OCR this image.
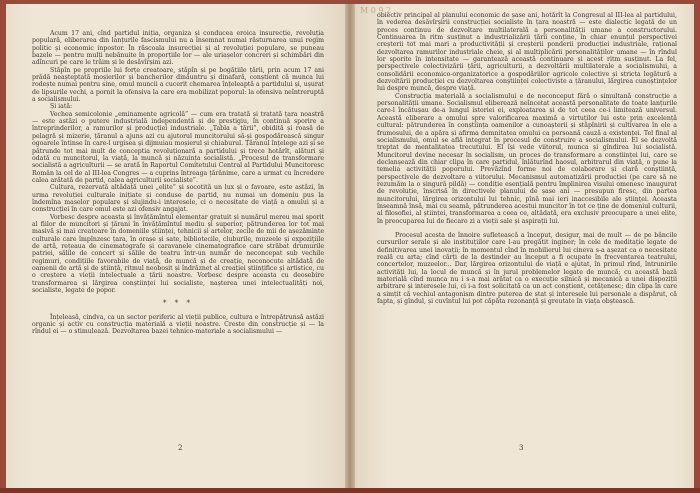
Acum 17 ani, cînd partidul iniția, organiza și conducea eroica insurecție, revoluția populară, eliberarea din lanțurile fascismului nu a însemnat numai răsturnarea unui regim politic și economic inpostor. În răscoala insurecției și al revoluției populare, se puneau bazele — pentru mulți nebănuite în proporțiile lor — ale uriașelor concreri și schimbări din adîncuri pe care le trăim și le desăvîrșim azi.

Stăpîn pe propriile lui forțe creatoare, stăpîn și pe bogățiile țării, prin acum 17 ani prădă neașteptată moșierilor și bancherilor dinăuntru și dinafară, conștient că munca lui rodește numai pentru sine, omul muncii a cucerit chemarea înțeleaptă a partidului și, ușurat de lipsurile vechi, a pornit la ofensiva la care era mobilizat poporul: la ofensiva neîntreruptă a socialismului.

Și iată:

Vechea semicolonie „eminamente agricolă” — cum era tratată și tratată țara noastră — este astăzi o putere industrială independentă și de prestigiu, în continuă sporire a întreprinderilor, a ramurilor și producției industriale. „Tabla a țării”, obidită și roasă de pelagră și mizerie, țăranul a ajuns azi cu ajutorul muncitorului să-și gospodărească singur ogoarele întinse în care-l urgisea și dijmuiau moșierul și chiaburul. Țăranul înțelege azi și se pătrunde tot mai mult de conceptia revoluționară a partidului și trece hotărît, alături și odată cu muncitorul, la viață, la muncă și năzuința socialistă. „Procesul de transformare socialistă a agriculturii — se arată în Raportul Comitetului Central al Partidului Muncitoresc Român la cel de al III-lea Congres — a cuprins întreaga țărănime, care a urmat cu încredere calea arătată de partid, calea agriculturii socialiste”.

Cultura, rezervată altădată unei „elite” și socotită un lux și o favoare, este astăzi, în urma revoluției culturale inițiate și conduse de partid, nu numai un domeniu pus la îndemîna maselor populare și slujindu-i interesele, ci o necesitate de viață a omului și a construcției în care omul este azi ofensiv angajat.

Vorbesc despre aceasta și învățămîntul elementar gratuit și numărul mereu mai sporit al fiilor de muncitori și țărani în învățămîntul mediu și superior, pătrunderea lor tot mai masivă și mai creatoare în domeniile științei, tehnicii și artelor, zecile de mii de așezăminte culturale care împînzesc țara, în orașe și sate, bibliotecile, cluburile, muzeele și expozițiile de artă, rețeaua de cinematografe și caravanele cinematografice care străbat drumurile patriei, sălile de concert și sălile de teatru într-un număr de neconcepat sub vechile regimuri, condițiile favorabile de viață, de muncă și de creație, neconocute altădată de oamenii de artă și de știință, ritmul neobosit și îndrăznet al creației științifice și artistice, cu o creștere a vieții intelectuale a țării noastre. Vorbesc despre aceasta cu deosebire transformarea și lărgirea conștiinței lui socialiste, nașterea unei intelectualități noi, socialiste, legate de popor.

* * *

Înțeleasă, cindva, ca un sector periferic al vieții publice, cultura e întrepătrunsă astăzi organic și activ cu construcția materială a vieții noastre. Creste din construcție și — la rîndul ei — o stimulează. Dezvoltarea bazei tehnico-materiale a socialismului —

2

obiectiv principal al planului economic de șase ani, hotărît la Congresul al III-lea al partidului, în vederea desăvîrșirii construcției socialiste în țara noastră — este dialectic legată de un proces continuu de dezvoltare multilaterală a personalității umane a constructorului. Continuarea în ritm susținut a industrializării țării conține, în chiar enunțul perspectivei creșterii tot mai mari a productivității și creșterii ponderii producției industriale, rațional dezvoltarea ramurilor industriale cheie, și al multiplicării personalităților umane — în rîndul lor sporite în intensitate — garantează această continuare și acest ritm susținut. La fel, perspectivele colectivizării țării, agriculturii, a dezvoltării multilaterale a socialismului, a consolidării economico-organizatorice a gospodăriilor agricole colective și stricta legătură a dezvoltării producției cu dezvoltarea conștiinței colectiviste a țăranului, lărgirea cunoștințelor lui despre muncă, despre viață.

Construcția materială a socialismului e de neconceput fără o simultană construcție a personalității umane. Socialismul eliberează neîncetat această personalitate de toate lanțurile care-l încătușau de-a lungul istoriei ei, exploatarea și de tot ceea ce-i limitează universul. Această eliberare a omului spre valorificarea maximă a virtuților lui este prin excelență cultural: pătrunderea în conștiința oamenilor a cunoașterii și stăpînirii și cultivarea în ele a frumosului, de a apăra și afirma demnitatea omului ca persoană cauză a existenței. Tel final al socialismului, omul se află integrat în procesul de construire a socialismului. El se dezvoltă treptat de mentalitatea trecutului. El își vede viitorul, munca și gîndirea lui socialistă. Muncitorul devine necesar în socialism, un proces de transformare a conștiinței lui, care se declanșează din chiar clipa în care partidul, înlăturînd haosul, arbitrarul din viață, o pune la temelia activității poporului. Prevăzînd forme noi de colaborare și clară conștiință, perspectivele de dezvoltare a viitorului. Mecanismul automatizării producției (pe care să ne rezumăm la o singură pildă) — condiție esențială pentru împlinirea visului omenesc inaugurat de revoluție, înscrisă în directivele planului de șase ani — presupun firesc, din partea muncitorului, lărgirea orizontului lui tehnic, pînă mai ieri inaccesibile ale științei. Aceasta înseamnă însă, mai cu seamă, pătrunderea acestui muncitor în tot ce ține de domeniul culturii, al filosofiei, al științei, transformarea a ceea ce, altădată, era exclusiv preocupare a unei elite, în preocuparea lui de fiecare zi a vieții sale și aspirații lui.

Procesul acesta de înnoire sufletească a început, desigur, mai de mult — de pe băncile cursurilor serale și ale instituțiilor care l-au pregătit inginer; în cele de meditație legate de definitivarea unei inovații; în momentul cînd în mobilierul lui cineva s-a așezat ca o necesitate reală cu arta; cînd cărți de la destinder au început a fi ocupate în frecventarea teatrului, concertelor, muzeelor... Dar, lărgirea orizontului de viață e ajutat, în primul rînd, întrunirile activități lui, la locul de muncă și în jurul problemelor legate de muncă; cu această bază materială cînd munca nu i s-a mai arătat ca o execuție silnică și mecanică a unei dispoziții arbitrare și interesele lui, ci i-a fost solicitată ca un act conștient, cetățenesc; din clipa în care a simțit că vechiul antagonism dintre puterea de stat și interesele lui personale a dispărut, că fapta, și gîndul, și cuvîntul lui pot căpăta rezonanță și greutate în viața obștească.

3
M 0 9 2
